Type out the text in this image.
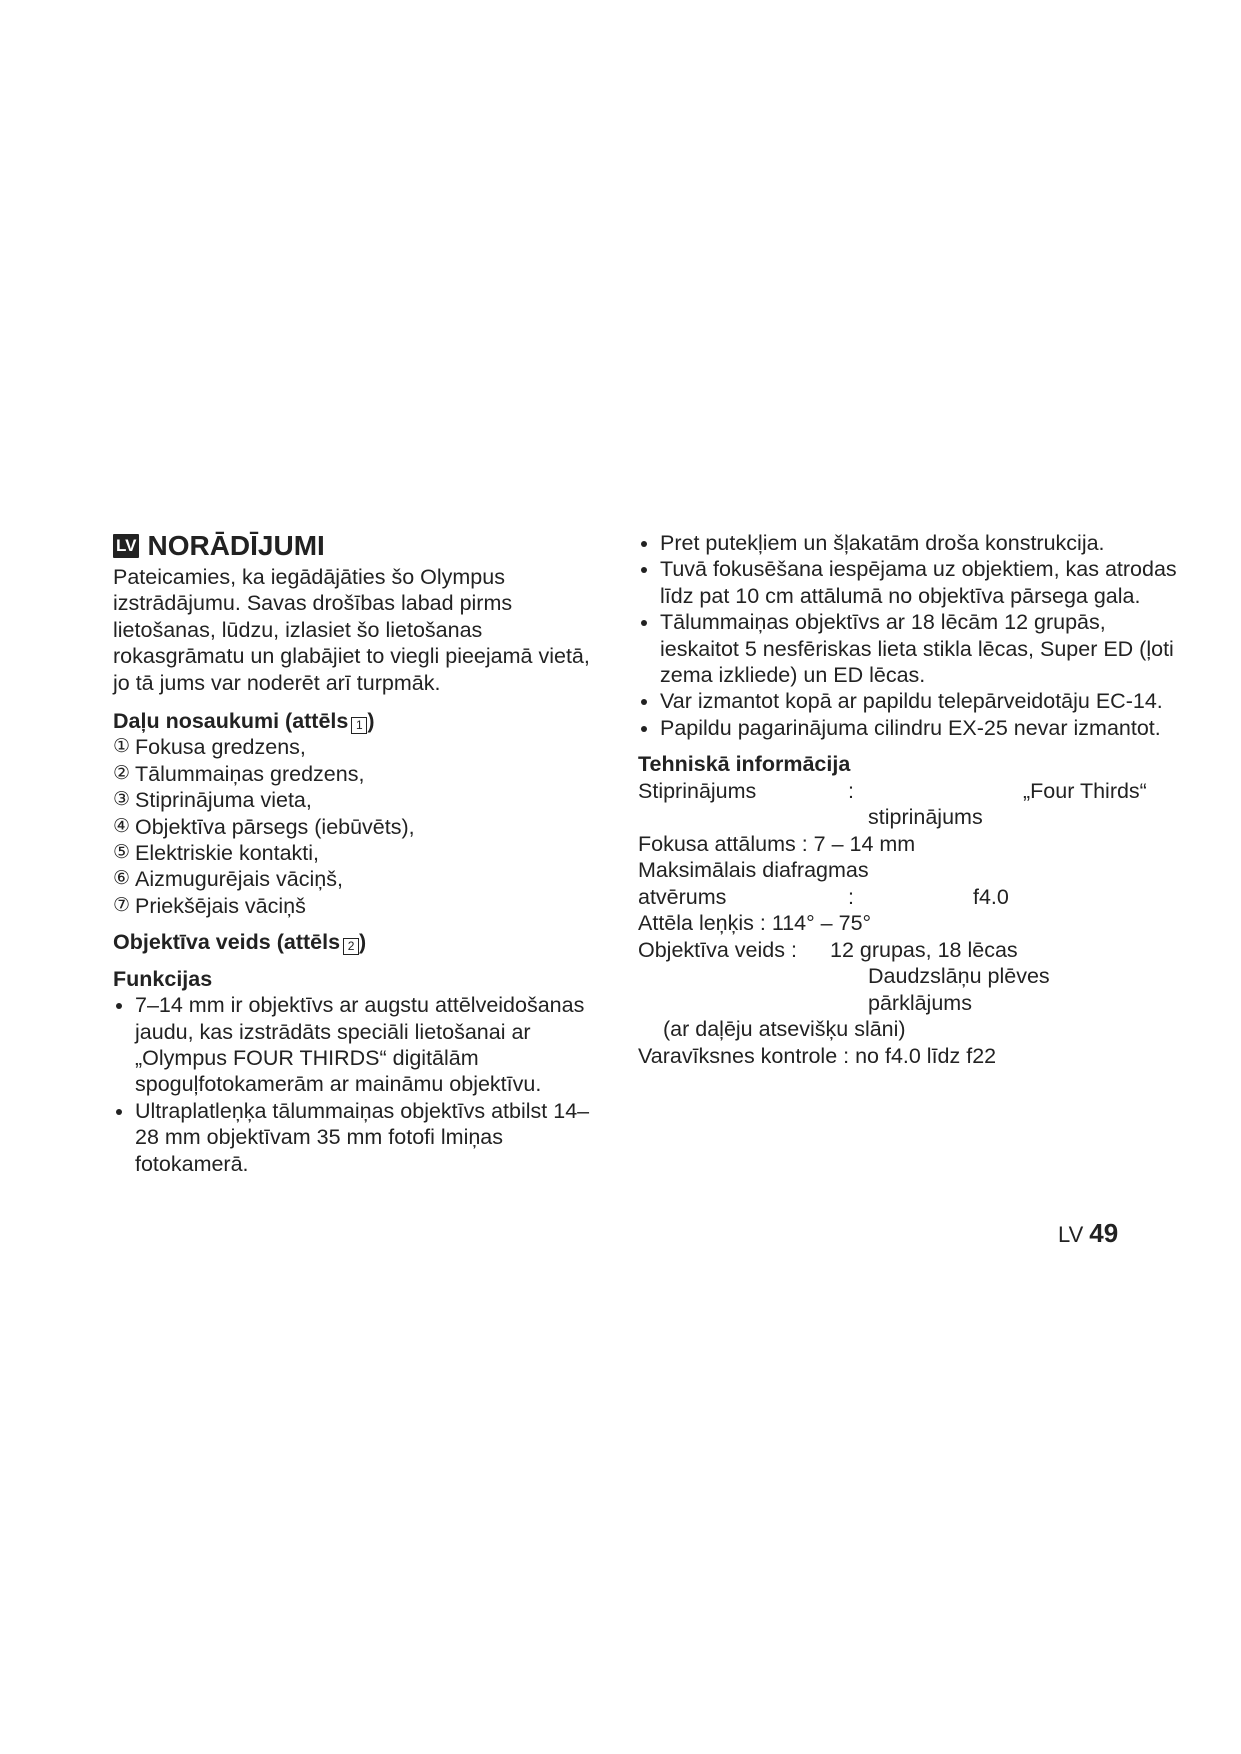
LV NORĀDĪJUMI

Pateicamies, ka iegādājāties šo Olympus izstrādājumu. Savas drošības labad pirms lietošanas, lūdzu, izlasiet šo lietošanas rokasgrāmatu un glabājiet to viegli pieejamā vietā, jo tā jums var noderēt arī turpmāk.

Daļu nosaukumi (attēls 1 )

① Fokusa gredzens,
② Tālummaiņas gredzens,
③ Stiprinājuma vieta,
④ Objektīva pārsegs (iebūvēts),
⑤ Elektriskie kontakti,
⑥ Aizmugurējais vāciņš,
⑦ Priekšējais vāciņš

Objektīva veids (attēls 2 )

Funkcijas

7–14 mm ir objektīvs ar augstu attēlveidošanas jaudu, kas izstrādāts speciāli lietošanai ar „Olympus FOUR THIRDS“ digitālām spoguļfotokamerām ar maināmu objektīvu.
Ultraplatleņķa tālummaiņas objektīvs atbilst 14–28 mm objektīvam 35 mm fotofi lmiņas fotokamerā.
Pret putekļiem un šļakatām droša konstrukcija.
Tuvā fokusēšana iespējama uz objektiem, kas atrodas līdz pat 10 cm attālumā no objektīva pārsega gala.
Tālummaiņas objektīvs ar 18 lēcām 12 grupās, ieskaitot 5 nesfēriskas lieta stikla lēcas, Super ED (ļoti zema izkliede) un ED lēcas.
Var izmantot kopā ar papildu telepārveidotāju EC-14.
Papildu pagarinājuma cilindru EX-25 nevar izmantot.

Tehniskā informācija

Stiprinājums	:	„Four Thirds“
stiprinājums
Fokusa attālums : 7 – 14 mm
Maksimālais diafragmas
atvērums	:	f4.0
Attēla leņķis : 114° – 75°
Objektīva veids : 12 grupas, 18 lēcas
Daudzslāņu plēves
pārklājums
(ar daļēju atsevišķu slāni)
Varavīksnes kontrole : no f4.0 līdz f22
LV 49
